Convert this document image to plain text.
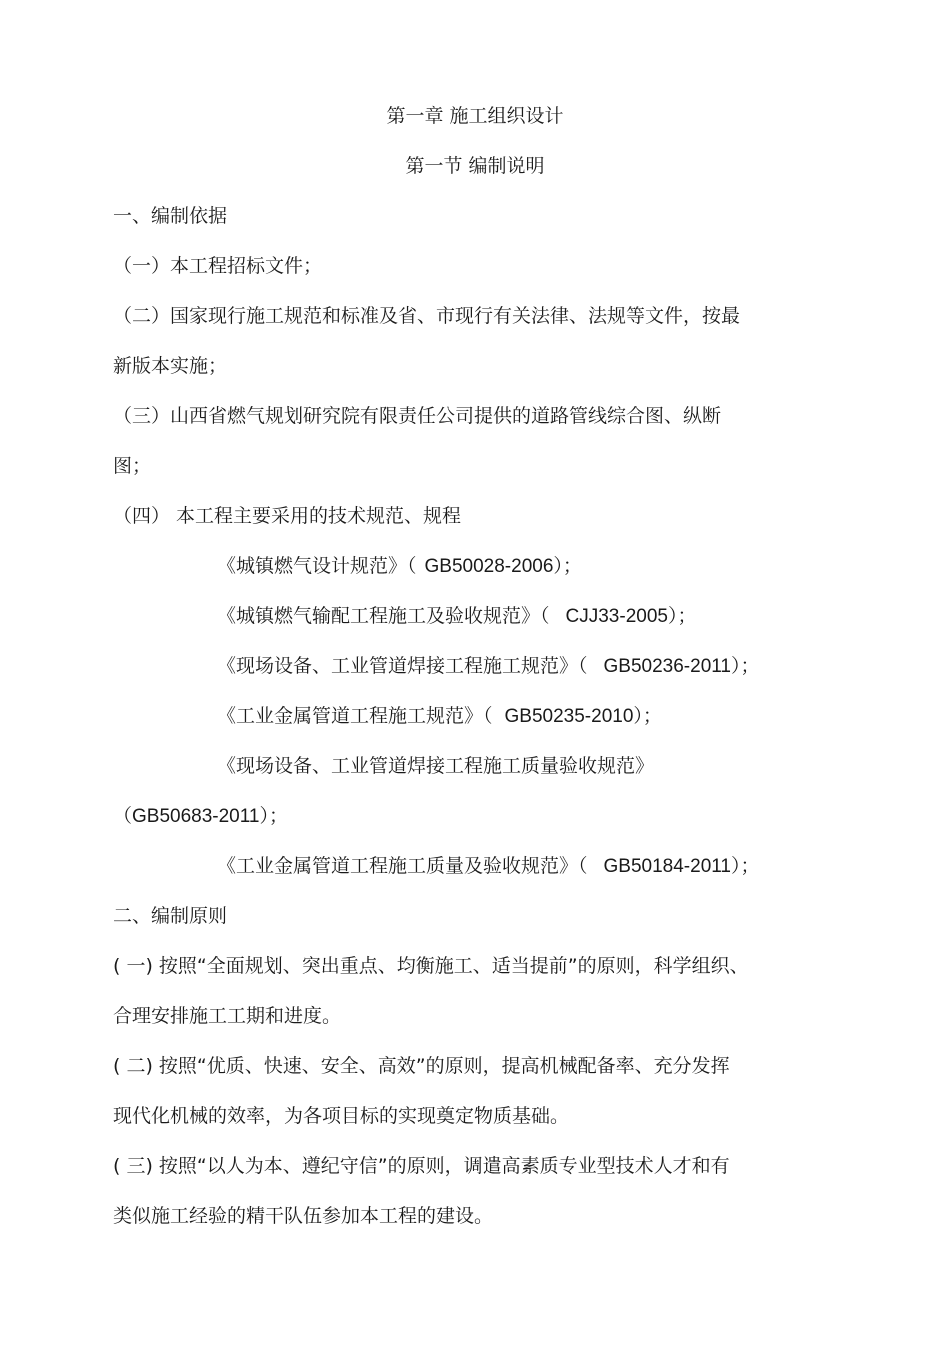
第一章 施工组织设计
第一节 编制说明
一、编制依据
（一）本工程招标文件；
（二）国家现行施工规范和标准及省、市现行有关法律、法规等文件，按最
新版本实施；
（三）山西省燃气规划研究院有限责任公司提供的道路管线综合图、纵断
图；
（四） 本工程主要采用的技术规范、规程
《城镇燃气设计规范》（ GB50028-2006）；
《城镇燃气输配工程施工及验收规范》（ CJJ33-2005）；
《现场设备、工业管道焊接工程施工规范》（ GB50236-2011）；
《工业金属管道工程施工规范》（ GB50235-2010）；
《现场设备、工业管道焊接工程施工质量验收规范》
（GB50683-2011）；
《工业金属管道工程施工质量及验收规范》（ GB50184-2011）；
二、编制原则
( 一) 按照“全面规划、突出重点、均衡施工、适当提前”的原则，科学组织、
合理安排施工工期和进度。
( 二) 按照“优质、快速、安全、高效”的原则，提高机械配备率、充分发挥
现代化机械的效率，为各项目标的实现奠定物质基础。
( 三) 按照“以人为本、遵纪守信”的原则，调遣高素质专业型技术人才和有
类似施工经验的精干队伍参加本工程的建设。
